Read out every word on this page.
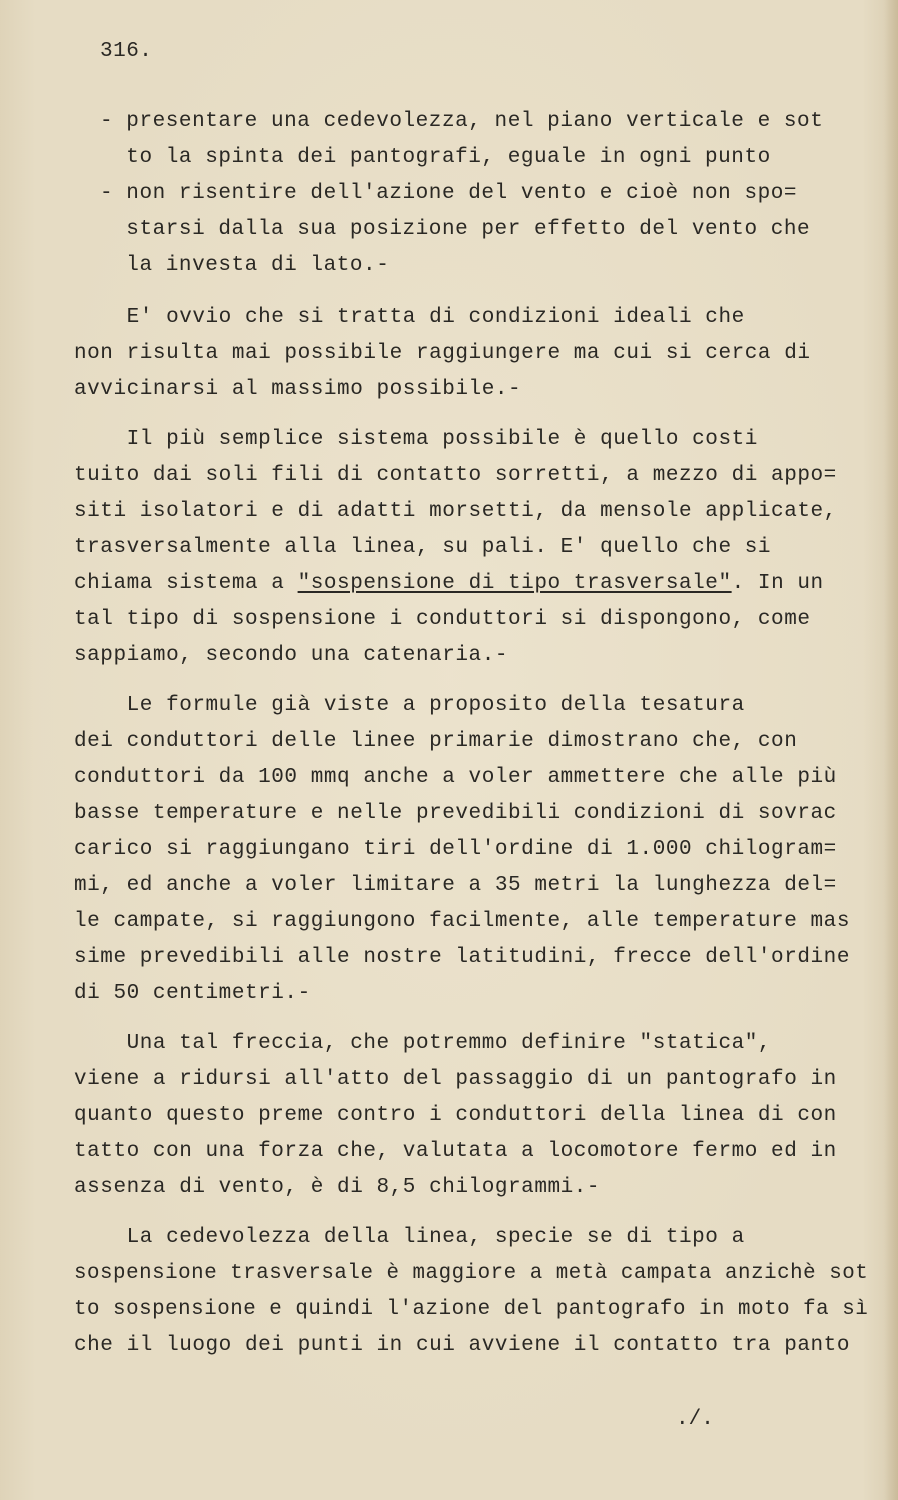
316.
- presentare una cedevolezza, nel piano verticale e sot
to la spinta dei pantografi, eguale in ogni punto
- non risentire dell'azione del vento e cioè non spo=
starsi dalla sua posizione per effetto del vento che
la investa di lato.-
E' ovvio che si tratta di condizioni ideali che
non risulta mai possibile raggiungere ma cui si cerca di
avvicinarsi al massimo possibile.-
Il più semplice sistema possibile è quello costi
tuito dai soli fili di contatto sorretti, a mezzo di appo=
siti isolatori e di adatti morsetti, da mensole applicate,
trasversalmente alla linea, su pali. E' quello che si
chiama sistema a "sospensione di tipo trasversale". In un
tal tipo di sospensione i conduttori si dispongono, come
sappiamo, secondo una catenaria.-
Le formule già viste a proposito della tesatura
dei conduttori delle linee primarie dimostrano che, con
conduttori da 100 mmq anche a voler ammettere che alle più
basse temperature e nelle prevedibili condizioni di sovrac
carico si raggiungano tiri dell'ordine di 1.000 chilogram=
mi, ed anche a voler limitare a 35 metri la lunghezza del=
le campate, si raggiungono facilmente, alle temperature mas
sime prevedibili alle nostre latitudini, frecce dell'ordine
di 50 centimetri.-
Una tal freccia, che potremmo definire "statica",
viene a ridursi all'atto del passaggio di un pantografo in
quanto questo preme contro i conduttori della linea di con
tatto con una forza che, valutata a locomotore fermo ed in
assenza di vento, è di 8,5 chilogrammi.-
La cedevolezza della linea, specie se di tipo a
sospensione trasversale è maggiore a metà campata anzichè sot
to sospensione e quindi l'azione del pantografo in moto fa sì
che il luogo dei punti in cui avviene il contatto tra panto
./.
